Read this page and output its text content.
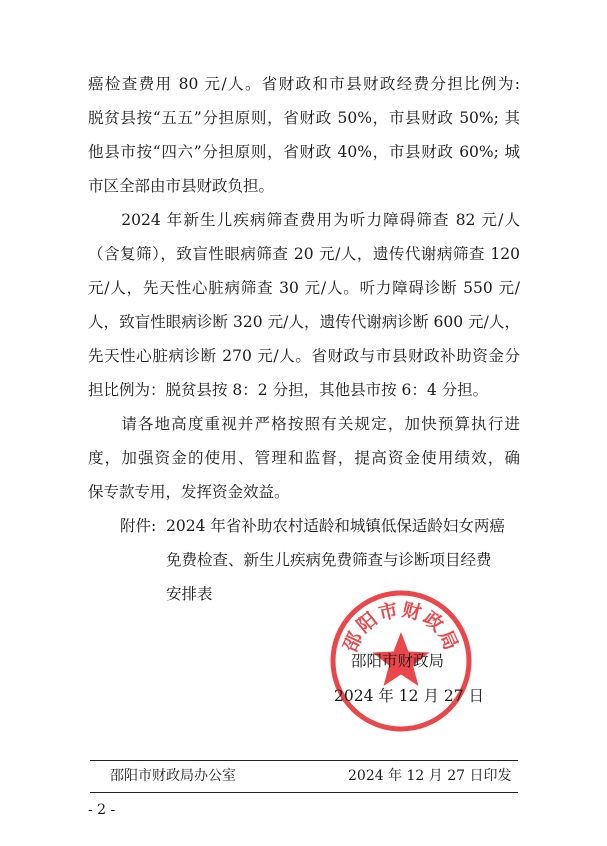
癌检查费用 80 元/人。省财政和市县财政经费分担比例为:
脱贫县按“五五”分担原则，省财政 50%，市县财政 50%; 其
他县市按“四六”分担原则，省财政 40%，市县财政 60%; 城
市区全部由市县财政负担。
　　2024 年新生儿疾病筛查费用为听力障碍筛查 82 元/人
（含复筛），致盲性眼病筛查 20 元/人，遗传代谢病筛查 120
元/人，先天性心脏病筛查 30 元/人。听力障碍诊断 550 元/
人，致盲性眼病诊断 320 元/人，遗传代谢病诊断 600 元/人，
先天性心脏病诊断 270 元/人。省财政与市县财政补助资金分
担比例为：脱贫县按 8：2 分担，其他县市按 6：4 分担。
　　请各地高度重视并严格按照有关规定，加快预算执行进
度，加强资金的使用、管理和监督，提高资金使用绩效，确
保专款专用，发挥资金效益。
附件: 2024 年省补助农村适龄和城镇低保适龄妇女两癌
免费检查、新生儿疾病免费筛查与诊断项目经费
安排表
邵阳市财政局
邵阳市财政局
2024 年 12 月 27 日
邵阳市财政局办公室	2024 年 12 月 27 日印发
- 2 -
